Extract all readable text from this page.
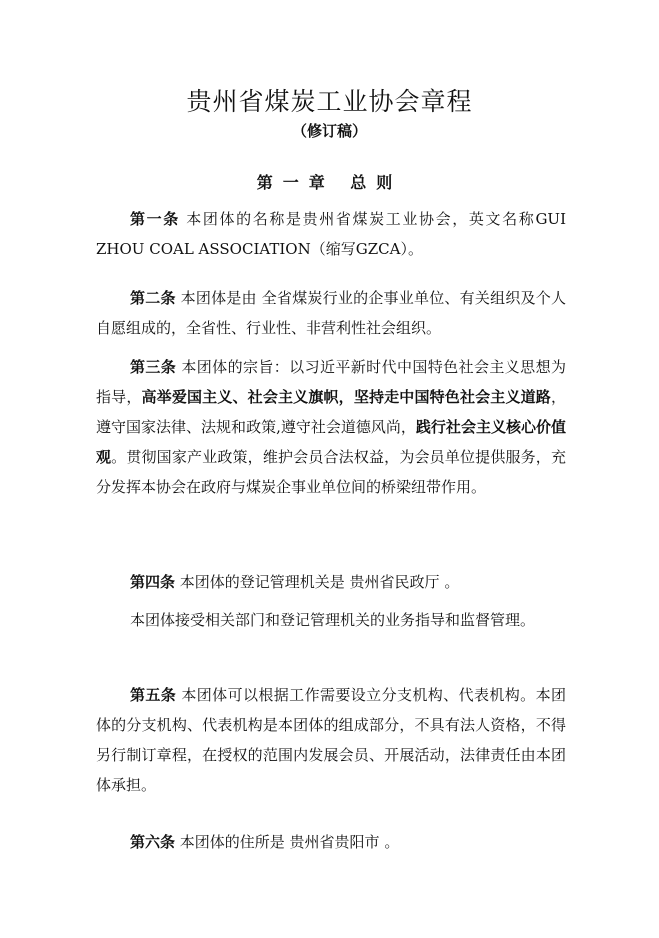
贵州省煤炭工业协会章程
（修订稿）
第一章 总则

第一条 本团体的名称是贵州省煤炭工业协会，英文名称GUI ZHOU COAL ASSOCIATION（缩写GZCA）。

第二条 本团体是由 全省煤炭行业的企事业单位、有关组织及个人自愿组成的，全省性、行业性、非营利性社会组织。

第三条 本团体的宗旨：以习近平新时代中国特色社会主义思想为指导，高举爱国主义、社会主义旗帜，坚持走中国特色社会主义道路，遵守国家法律、法规和政策,遵守社会道德风尚，践行社会主义核心价值观。贯彻国家产业政策，维护会员合法权益，为会员单位提供服务，充分发挥本协会在政府与煤炭企事业单位间的桥梁纽带作用。

第四条 本团体的登记管理机关是 贵州省民政厅 。

本团体接受相关部门和登记管理机关的业务指导和监督管理。

第五条 本团体可以根据工作需要设立分支机构、代表机构。本团体的分支机构、代表机构是本团体的组成部分，不具有法人资格，不得另行制订章程，在授权的范围内发展会员、开展活动，法律责任由本团体承担。

第六条 本团体的住所是 贵州省贵阳市 。
